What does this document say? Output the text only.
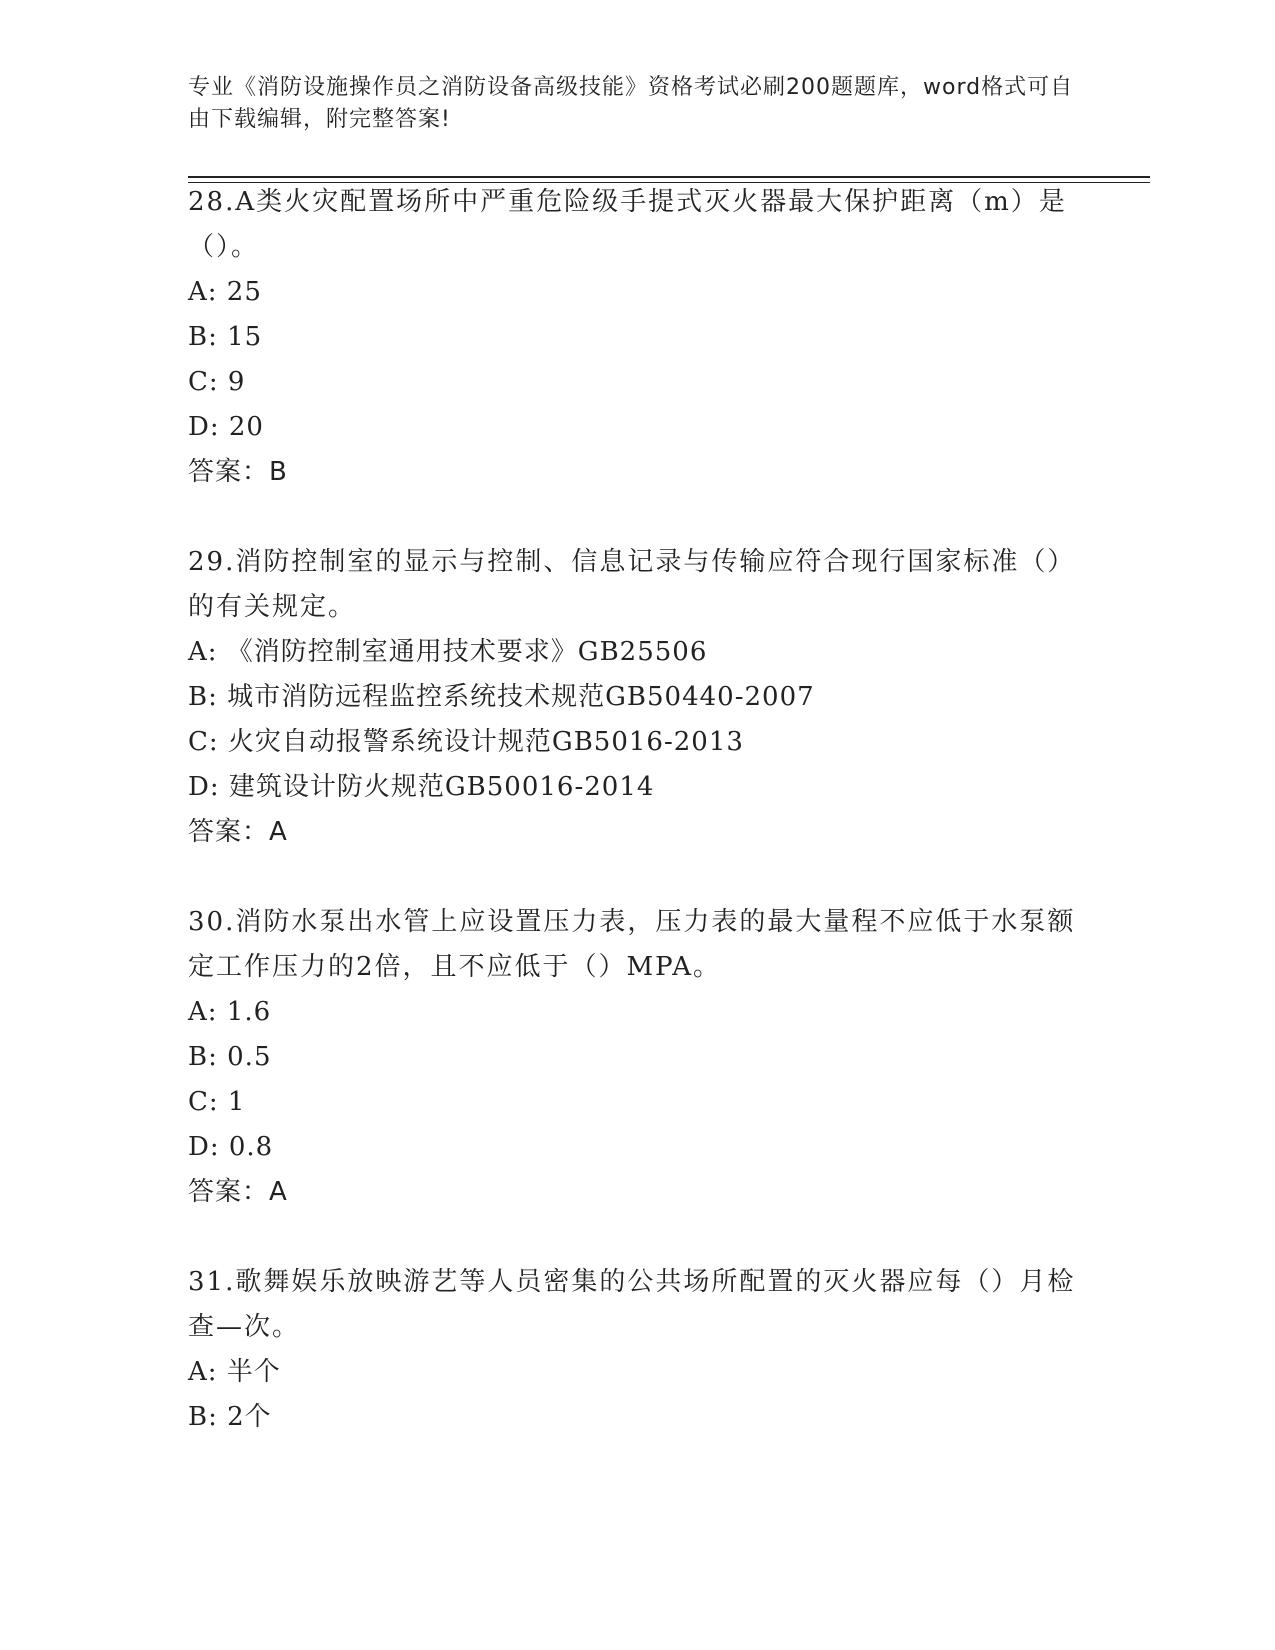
专业《消防设施操作员之消防设备高级技能》资格考试必刷200题题库，word格式可自由下载编辑，附完整答案!
28.A类火灾配置场所中严重危险级手提式灭火器最大保护距离（m）是（）。
A: 25
B: 15
C: 9
D: 20
答案：B
29.消防控制室的显示与控制、信息记录与传输应符合现行国家标准（）的有关规定。
A: 《消防控制室通用技术要求》GB25506
B: 城市消防远程监控系统技术规范GB50440-2007
C: 火灾自动报警系统设计规范GB5016-2013
D: 建筑设计防火规范GB50016-2014
答案：A
30.消防水泵出水管上应设置压力表，压力表的最大量程不应低于水泵额定工作压力的2倍，且不应低于（）MPA。
A: 1.6
B: 0.5
C: 1
D: 0.8
答案：A
31.歌舞娱乐放映游艺等人员密集的公共场所配置的灭火器应每（）月检查—次。
A: 半个
B: 2个
